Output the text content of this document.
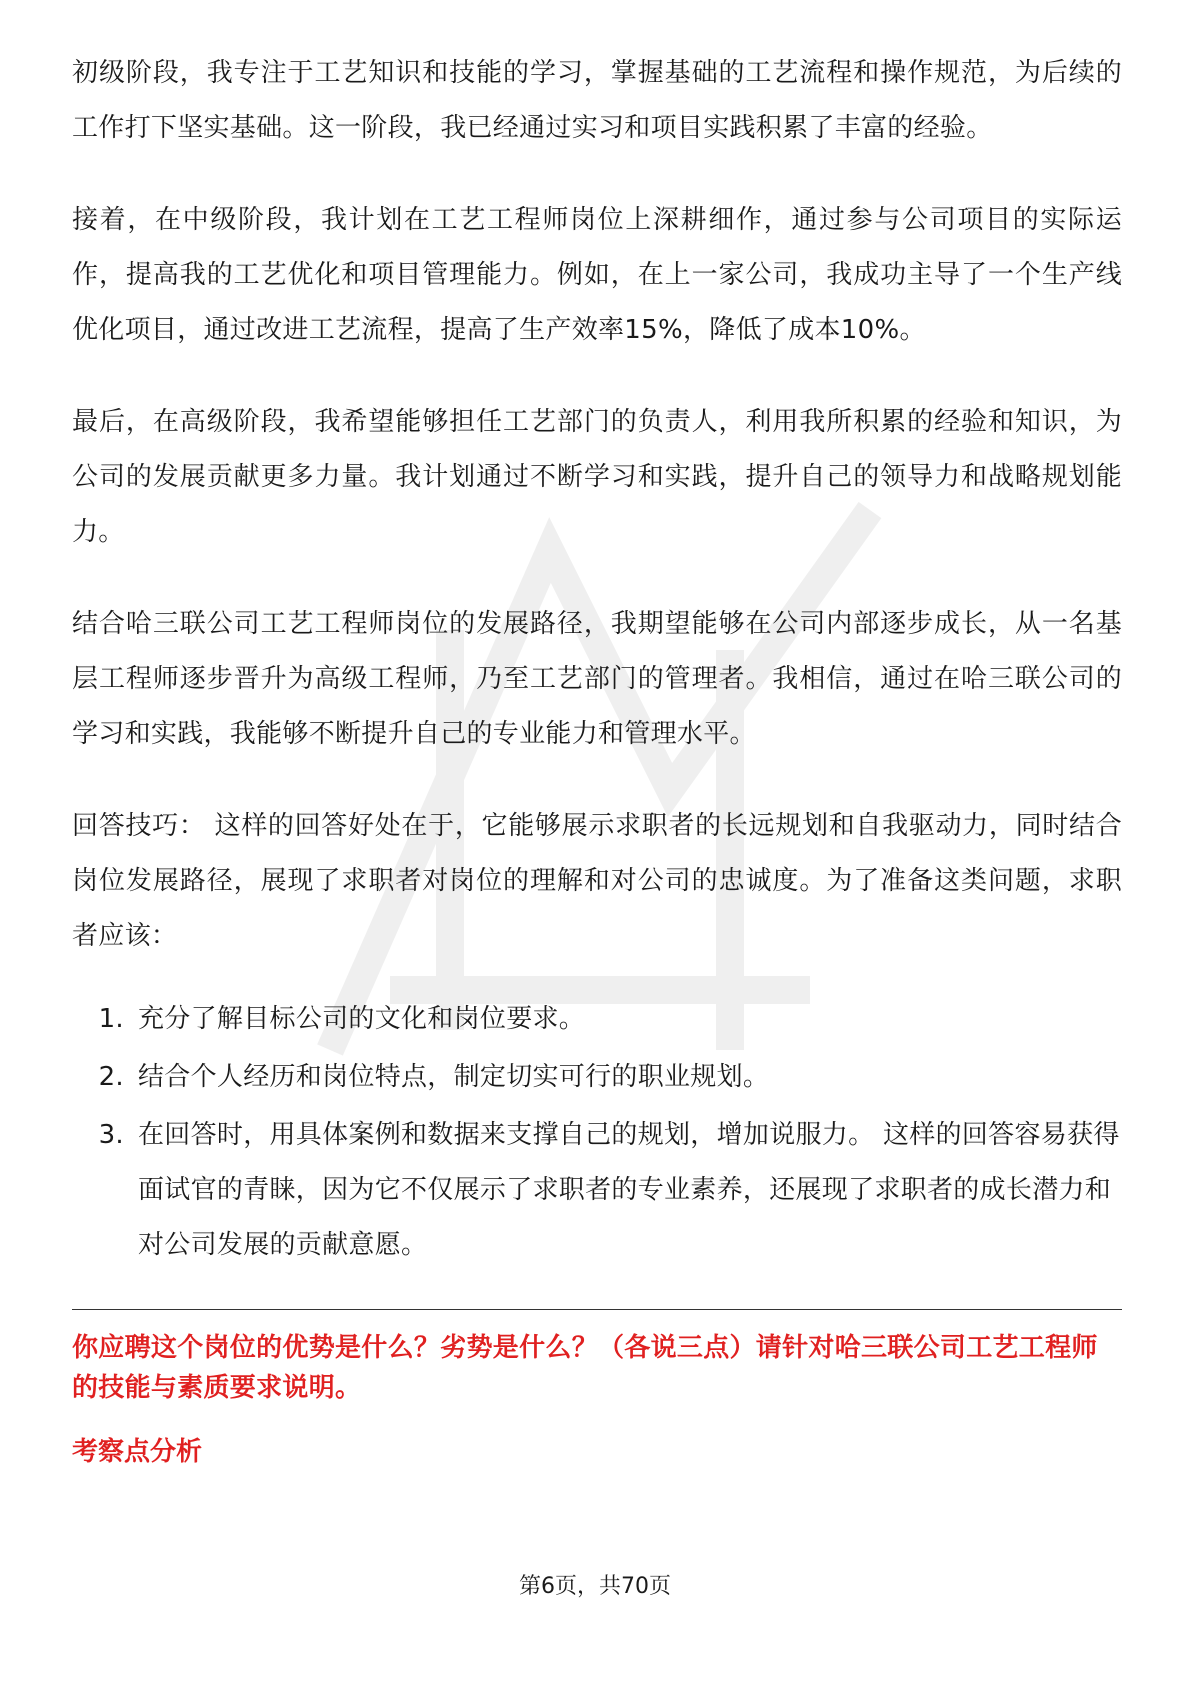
初级阶段，我专注于工艺知识和技能的学习，掌握基础的工艺流程和操作规范，为后续的工作打下坚实基础。这一阶段，我已经通过实习和项目实践积累了丰富的经验。

接着，在中级阶段，我计划在工艺工程师岗位上深耕细作，通过参与公司项目的实际运作，提高我的工艺优化和项目管理能力。例如，在上一家公司，我成功主导了一个生产线优化项目，通过改进工艺流程，提高了生产效率15%，降低了成本10%。

最后，在高级阶段，我希望能够担任工艺部门的负责人，利用我所积累的经验和知识，为公司的发展贡献更多力量。我计划通过不断学习和实践，提升自己的领导力和战略规划能力。

结合哈三联公司工艺工程师岗位的发展路径，我期望能够在公司内部逐步成长，从一名基层工程师逐步晋升为高级工程师，乃至工艺部门的管理者。我相信，通过在哈三联公司的学习和实践，我能够不断提升自己的专业能力和管理水平。

回答技巧： 这样的回答好处在于，它能够展示求职者的长远规划和自我驱动力，同时结合岗位发展路径，展现了求职者对岗位的理解和对公司的忠诚度。为了准备这类问题，求职者应该：

1. 充分了解目标公司的文化和岗位要求。
2. 结合个人经历和岗位特点，制定切实可行的职业规划。
3. 在回答时，用具体案例和数据来支撑自己的规划，增加说服力。 这样的回答容易获得面试官的青睐，因为它不仅展示了求职者的专业素养，还展现了求职者的成长潜力和对公司发展的贡献意愿。

你应聘这个岗位的优势是什么？劣势是什么？（各说三点）请针对哈三联公司工艺工程师的技能与素质要求说明。

考察点分析

第6页，共70页
